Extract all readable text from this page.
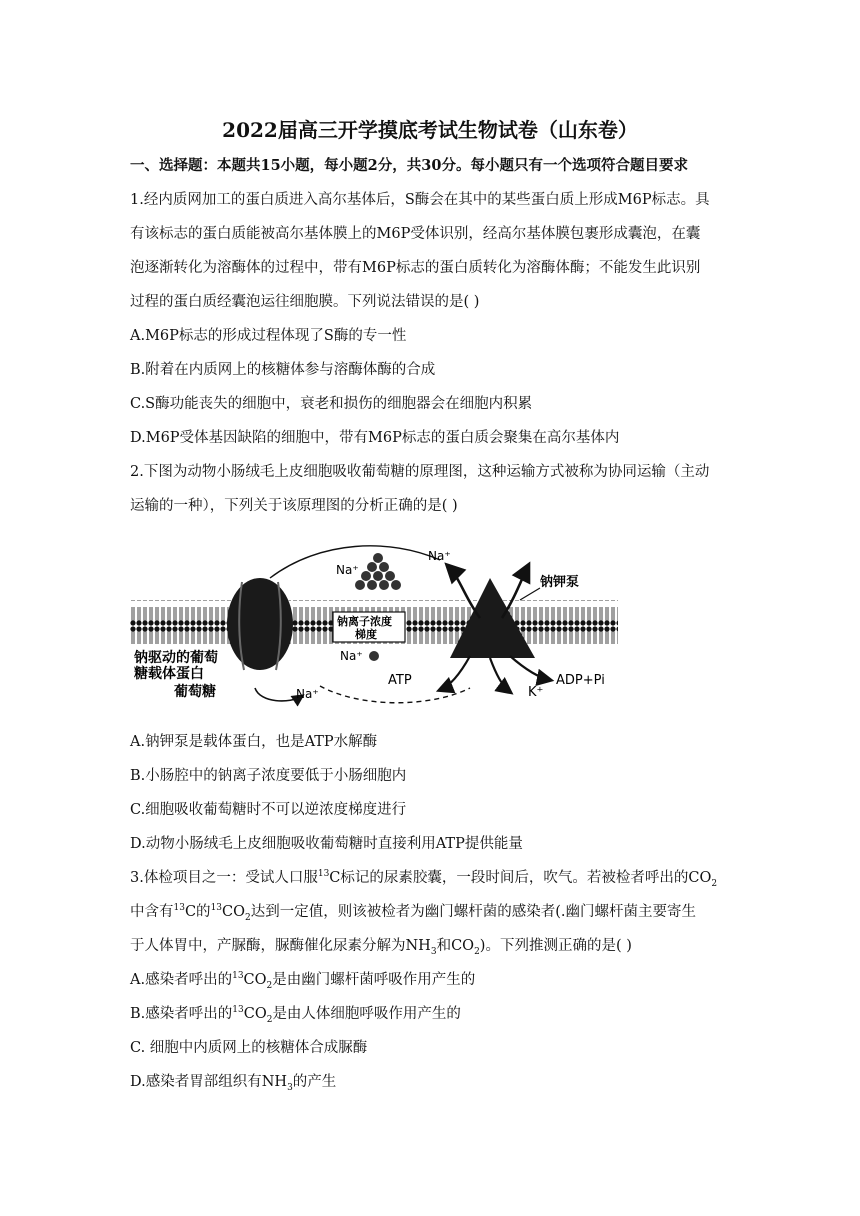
2022届高三开学摸底考试生物试卷（山东卷）
一、选择题：本题共15小题，每小题2分，共30分。每小题只有一个选项符合题目要求
1.经内质网加工的蛋白质进入高尔基体后，S酶会在其中的某些蛋白质上形成M6P标志。具
有该标志的蛋白质能被高尔基体膜上的M6P受体识别，经高尔基体膜包裹形成囊泡，在囊
泡逐渐转化为溶酶体的过程中，带有M6P标志的蛋白质转化为溶酶体酶；不能发生此识别
过程的蛋白质经囊泡运往细胞膜。下列说法错误的是( )
A.M6P标志的形成过程体现了S酶的专一性
B.附着在内质网上的核糖体参与溶酶体酶的合成
C.S酶功能丧失的细胞中，衰老和损伤的细胞器会在细胞内积累
D.M6P受体基因缺陷的细胞中，带有M6P标志的蛋白质会聚集在高尔基体内
2.下图为动物小肠绒毛上皮细胞吸收葡萄糖的原理图，这种运输方式被称为协同运输（主动
运输的一种），下列关于该原理图的分析正确的是( )
Na⁺
Na⁺
钠钾泵
钠离子浓度
梯度
Na⁺
钠驱动的葡萄
糖载体蛋白
葡萄糖	Na⁺
ATP
K⁺
ADP+Pi
A.钠钾泵是载体蛋白，也是ATP水解酶
B.小肠腔中的钠离子浓度要低于小肠细胞内
C.细胞吸收葡萄糖时不可以逆浓度梯度进行
D.动物小肠绒毛上皮细胞吸收葡萄糖时直接利用ATP提供能量
3.体检项目之一：受试人口服$^{13}$C标记的尿素胶囊，一段时间后，吹气。若被检者呼出的$CO_2$
中含有$^{13}$C的$^{13}CO_2$达到一定值，则该被检者为幽门螺杆菌的感染者(.幽门螺杆菌主要寄生
于人体胃中，产脲酶，脲酶催化尿素分解为$NH_3$和$CO_2$)。下列推测正确的是( )
A.感染者呼出的$^{13}CO_2$是由幽门螺杆菌呼吸作用产生的
B.感染者呼出的$^{13}CO_2$是由人体细胞呼吸作用产生的
C. 细胞中内质网上的核糖体合成脲酶
D.感染者胃部组织有$NH_3$的产生
